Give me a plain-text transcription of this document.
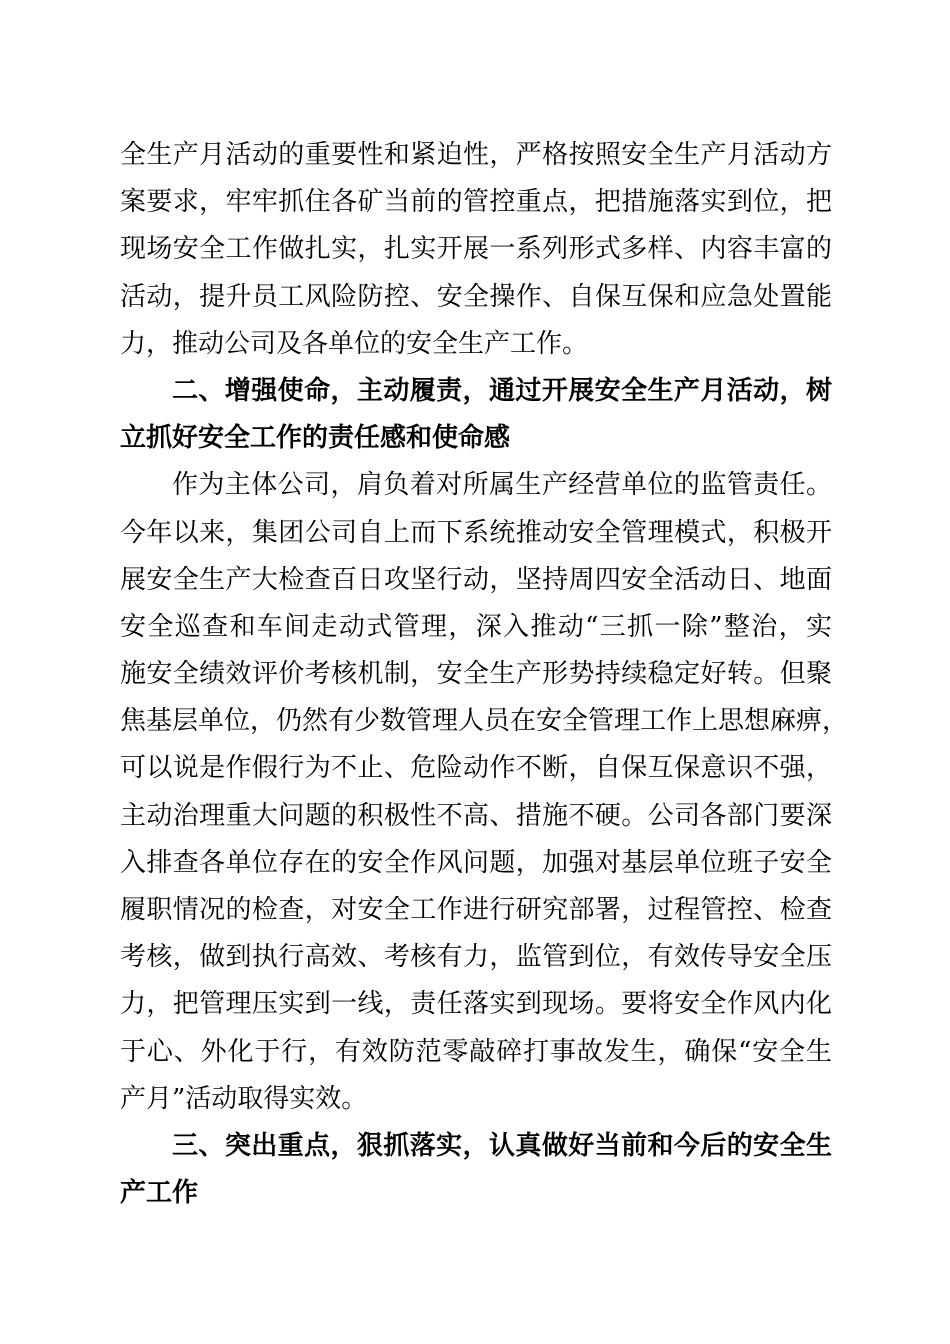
全生产月活动的重要性和紧迫性，严格按照安全生产月活动方
案要求，牢牢抓住各矿当前的管控重点，把措施落实到位，把
现场安全工作做扎实，扎实开展一系列形式多样、内容丰富的
活动，提升员工风险防控、安全操作、自保互保和应急处置能
力，推动公司及各单位的安全生产工作。
二、增强使命，主动履责，通过开展安全生产月活动，树
立抓好安全工作的责任感和使命感
作为主体公司，肩负着对所属生产经营单位的监管责任。
今年以来，集团公司自上而下系统推动安全管理模式，积极开
展安全生产大检查百日攻坚行动，坚持周四安全活动日、地面
安全巡查和车间走动式管理，深入推动“三抓一除”整治，实
施安全绩效评价考核机制，安全生产形势持续稳定好转。但聚
焦基层单位，仍然有少数管理人员在安全管理工作上思想麻痹，
可以说是作假行为不止、危险动作不断，自保互保意识不强，
主动治理重大问题的积极性不高、措施不硬。公司各部门要深
入排查各单位存在的安全作风问题，加强对基层单位班子安全
履职情况的检查，对安全工作进行研究部署，过程管控、检查
考核，做到执行高效、考核有力，监管到位，有效传导安全压
力，把管理压实到一线，责任落实到现场。要将安全作风内化
于心、外化于行，有效防范零敲碎打事故发生，确保“安全生
产月”活动取得实效。
三、突出重点，狠抓落实，认真做好当前和今后的安全生
产工作
